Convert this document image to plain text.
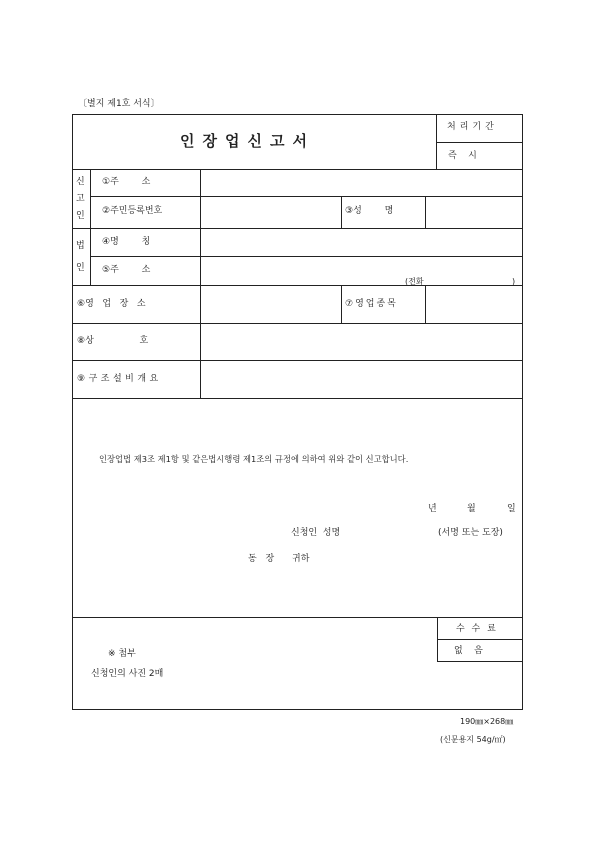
〔별지 제1호 서식〕
인장업신고서
처리기간
즉    시
신
고
인
①주        소
②주민등록번호	③성        명
법
인
④명        칭
⑤주        소
(전화	)
⑥영   업   장   소	⑦영업종목
⑧상                호
⑨구조설비개요
인장업법 제3조 제1항 및 같은법시행령 제1조의 규정에 의하여 위와 같이 신고합니다.
년	월	일
신청인  성명	(서명 또는 도장)
동 장 귀하
※ 첨부
신청인의 사진 2매
수 수 료
없    음
190㎜×268㎜
(신문용지 54g/㎡)
